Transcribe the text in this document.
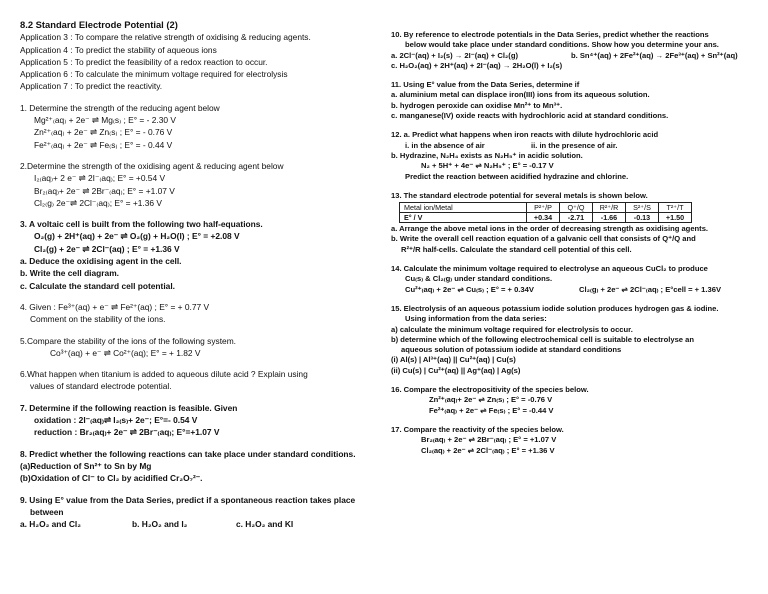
8.2 Standard Electrode Potential (2)
Application 3 : To compare the relative strength of oxidising & reducing agents.
Application 4 : To predict the stability of aqueous ions
Application 5 : To predict the feasibility of a redox reaction to occur.
Application 6 : To calculate the minimum voltage required for electrolysis
Application 7 : To predict the reactivity.
1. Determine the strength of the reducing agent below
Mg²⁺₍aq₎ + 2e⁻ ⇌ Mg₍s₎ ; E° = - 2.30 V
Zn²⁺₍aq₎ + 2e⁻ ⇌ Zn₍s₎ ; E° = - 0.76 V
Fe²⁺₍aq₎ + 2e⁻ ⇌ Fe₍s₎ ; E° = - 0.44 V
2.Determine the strength of the oxidising agent & reducing agent below
I₂₍aq₎+ 2 e⁻ ⇌ 2I⁻₍aq₎; E° = +0.54 V
Br₂₍aq₎+ 2e⁻ ⇌ 2Br⁻₍aq₎; E° = +1.07 V
Cl₂₍g₎ 2e⁻⇌ 2Cl⁻₍aq₎; E° = +1.36 V
3. A voltaic cell is built from the following two half-equations.
O₂(g) + 2H⁺(aq) + 2e⁻ ⇌ O₂(g) + H₂O(l) ; E° = +2.08 V
Cl₂(g) + 2e⁻ ⇌ 2Cl⁻(aq) ; E° = +1.36 V
a. Deduce the oxidising agent in the cell.
b. Write the cell diagram.
c. Calculate the standard cell potential.
4. Given : Fe³⁺(aq) + e⁻ ⇌ Fe²⁺(aq) ; E° = + 0.77 V
Comment on the stability of the ions.
5.Compare the stability of the ions of the following system.
Co³⁺(aq) + e⁻ ⇌ Co²⁺(aq); E° = + 1.82 V
6.What happen when titanium is added to aqueous dilute acid ? Explain using
values of standard electrode potential.
7. Determine if the following reaction is feasible. Given
oxidation : 2I⁻₍aq₎⇌ I₂₍s₎+ 2e⁻; E°=- 0.54 V
reduction : Br₂₍aq₎+ 2e⁻ ⇌ 2Br⁻₍aq₎; E°=+1.07 V
8. Predict whether the following reactions can take place under standard conditions.
(a)Reduction of Sn²⁺ to Sn by Mg
(b)Oxidation of Cl⁻ to Cl₂ by acidified Cr₂O₇²⁻.
9. Using E° value from the Data Series, predict if a spontaneous reaction takes place
between
a. H₂O₂ and Cl₂	b. H₂O₂ and I₂	c. H₂O₂ and KI
10. By reference to electrode potentials in the Data Series, predict whether the reactions
below would take place under standard conditions. Show how you determine your ans.
a. 2Cl⁻(aq) + I₂(s) → 2I⁻(aq) + Cl₂(g)	b. Sn⁴⁺(aq) + 2Fe²⁺(aq) → 2Fe³⁺(aq) + Sn²⁺(aq)
c. H₂O₂(aq) + 2H⁺(aq) + 2I⁻(aq) → 2H₂O(l) + I₂(s)
11. Using E° value from the Data Series, determine if
a. aluminium metal can displace iron(III) ions from its aqueous solution.
b. hydrogen peroxide can oxidise Mn²⁺ to Mn³⁺.
c. manganese(IV) oxide reacts with hydrochloric acid at standard conditions.
12. a. Predict what happens when iron reacts with dilute hydrochloric acid
i. in the absence of air	ii. in the presence of air.
b. Hydrazine, N₂H₄ exists as N₂H₅⁺ in acidic solution.
N₂ + 5H⁺ + 4e⁻ ⇌ N₂H₅⁺ ; E° = -0.17 V
Predict the reaction between acidified hydrazine and chlorine.
13. The standard electrode potential for several metals is shown below.
Metal ion/Metal	P²⁺/P	Q⁺/Q	R²⁺/R	S²⁺/S	T²⁺/T
E° / V	+0.34	-2.71	-1.66	-0.13	+1.50
a. Arrange the above metal ions in the order of decreasing strength as oxidising agents.
b. Write the overall cell reaction equation of a galvanic cell that consists of Q⁺/Q and
R²⁺/R half-cells. Calculate the standard cell potential of this cell.
14. Calculate the minimum voltage required to electrolyse an aqueous CuCl₂ to produce
Cu₍s₎ & Cl₂₍g₎ under standard conditions.
Cu²⁺₍aq₎ + 2e⁻ ⇌ Cu₍s₎ ; E° = + 0.34V	Cl₂₍g₎ + 2e⁻ ⇌ 2Cl⁻₍aq₎ ; E°cell = + 1.36V
15. Electrolysis of an aqueous potassium iodide solution produces hydrogen gas & iodine.
Using information from the data series:
a) calculate the minimum voltage required for electrolysis to occur.
b) determine which of the following electrochemical cell is suitable to electrolyse an
aqueous solution of potassium iodide at standard conditions
(i) Al(s) | Al³⁺(aq) || Cu²⁺(aq) | Cu(s)
(ii) Cu(s) | Cu²⁺(aq) || Ag⁺(aq) | Ag(s)
16. Compare the electropositivity of the species below.
Zn²⁺₍aq₎+ 2e⁻ ⇌ Zn₍s₎ ; E° = -0.76 V
Fe²⁺₍aq₎ + 2e⁻ ⇌ Fe₍s₎ ; E° = -0.44 V
17. Compare the reactivity of the species below.
Br₂₍aq₎ + 2e⁻ ⇌ 2Br⁻₍aq₎ ; E° = +1.07 V
Cl₂₍aq₎ + 2e⁻ ⇌ 2Cl⁻₍aq₎ ; E° = +1.36 V
